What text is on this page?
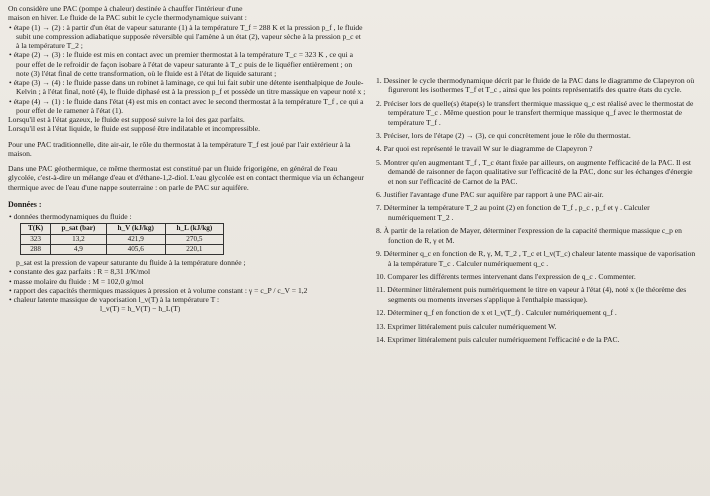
On considère une PAC (pompe à chaleur) destinée à chauffer l'intérieur d'une

maison en hiver. Le fluide de la PAC subit le cycle thermodynamique suivant :

• étape (1) → (2) : à partir d'un état de vapeur saturante (1) à la température T_f = 288 K et la pression p_f , le fluide subit une compression adiabatique supposée réversible qui l'amène à un état (2), vapeur sèche à la pression p_c et à la température T_2 ;

• étape (2) → (3) : le fluide est mis en contact avec un premier thermostat à la température T_c = 323 K , ce qui a pour effet de le refroidir de façon isobare à l'état de vapeur saturante à T_c puis de le liquéfier entièrement ; on note (3) l'état final de cette transformation, où le fluide est à l'état de liquide saturant ;

• étape (3) → (4) : le fluide passe dans un robinet à laminage, ce qui lui fait subir une détente isenthalpique de Joule-Kelvin ; à l'état final, noté (4), le fluide diphasé est à la pression p_f et possède un titre massique en vapeur noté x ;

• étape (4) → (1) : le fluide dans l'état (4) est mis en contact avec le second thermostat à la température T_f , ce qui a pour effet de le ramener à l'état (1).

Lorsqu'il est à l'état gazeux, le fluide est supposé suivre la loi des gaz parfaits.

Lorsqu'il est à l'état liquide, le fluide est supposé être indilatable et incompressible.

Pour une PAC traditionnelle, dite air-air, le rôle du thermostat à la température T_f est joué par l'air extérieur à la maison.

Dans une PAC géothermique, ce même thermostat est constitué par un fluide frigorigène, en général de l'eau glycolée, c'est-à-dire un mélange d'eau et d'éthane-1,2-diol. L'eau glycolée est en contact thermique via un échangeur thermique avec de l'eau d'une nappe souterraine : on parle de PAC sur aquifère.

Données :

• données thermodynamiques du fluide :

T(K)	p_sat (bar)	h_V (kJ/kg)	h_L (kJ/kg)
323	13,2	421,9	270,5
288	4,9	405,6	220,1

p_sat est la pression de vapeur saturante du fluide à la température donnée ;

• constante des gaz parfaits : R = 8,31 J/K/mol

• masse molaire du fluide : M = 102,0 g/mol

• rapport des capacités thermiques massiques à pression et à volume constant : γ = c_P / c_V = 1,2

• chaleur latente massique de vaporisation l_v(T) à la température T :

l_v(T) = h_V(T) − h_L(T)

1. Dessiner le cycle thermodynamique décrit par le fluide de la PAC dans le diagramme de Clapeyron où figureront les isothermes T_f et T_c , ainsi que les points représentatifs des quatre états du cycle.

2. Préciser lors de quelle(s) étape(s) le transfert thermique massique q_c est réalisé avec le thermostat de température T_c . Même question pour le transfert thermique massique q_f avec le thermostat de température T_f .

3. Préciser, lors de l'étape (2) → (3), ce qui concrètement joue le rôle du thermostat.

4. Par quoi est représenté le travail W sur le diagramme de Clapeyron ?

5. Montrer qu'en augmentant T_f , T_c étant fixée par ailleurs, on augmente l'efficacité de la PAC. Il est demandé de raisonner de façon qualitative sur l'efficacité de la PAC, donc sur les échanges d'énergie et non sur l'efficacité de Carnot de la PAC.

6. Justifier l'avantage d'une PAC sur aquifère par rapport à une PAC air-air.

7. Déterminer la température T_2 au point (2) en fonction de T_f , p_c , p_f et γ . Calculer numériquement T_2 .

8. À partir de la relation de Mayer, déterminer l'expression de la capacité thermique massique c_p en fonction de R, γ et M.

9. Déterminer q_c en fonction de R, γ, M, T_2 , T_c et l_v(T_c) chaleur latente massique de vaporisation à la température T_c . Calculer numériquement q_c .

10. Comparer les différents termes intervenant dans l'expression de q_c . Commenter.

11. Déterminer littéralement puis numériquement le titre en vapeur à l'état (4), noté x (le théorème des segments ou moments inverses s'applique à l'enthalpie massique).

12. Déterminer q_f en fonction de x et l_v(T_f) . Calculer numériquement q_f .

13. Exprimer littéralement puis calculer numériquement W.

14. Exprimer littéralement puis calculer numériquement l'efficacité e de la PAC.
